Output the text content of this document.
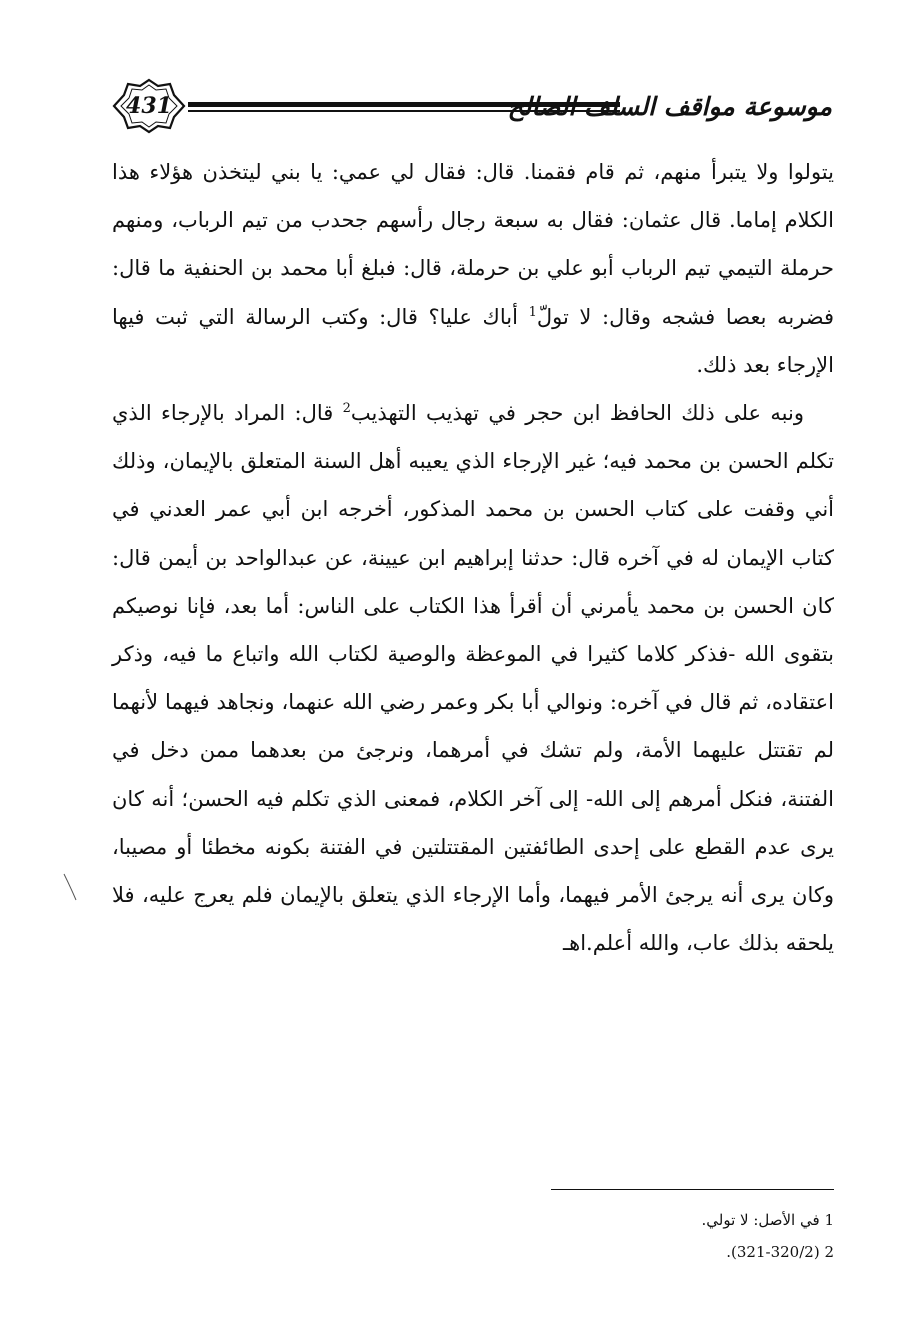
431	موسوعة مواقف السلف الصالح

يتولوا ولا يتبرأ منهم، ثم قام فقمنا. قال: فقال لي عمي: يا بني ليتخذن هؤلاء هذا الكلام إماما. قال عثمان: فقال به سبعة رجال رأسهم جحدب من تيم الرباب، ومنهم حرملة التيمي تيم الرباب أبو علي بن حرملة، قال: فبلغ أبا محمد بن الحنفية ما قال: فضربه بعصا فشجه وقال: لا تولّ$^1$ أباك عليا؟ قال: وكتب الرسالة التي ثبت فيها الإرجاء بعد ذلك.

ونبه على ذلك الحافظ ابن حجر في تهذيب التهذيب$^2$ قال: المراد بالإرجاء الذي تكلم الحسن بن محمد فيه؛ غير الإرجاء الذي يعيبه أهل السنة المتعلق بالإيمان، وذلك أني وقفت على كتاب الحسن بن محمد المذكور، أخرجه ابن أبي عمر العدني في كتاب الإيمان له في آخره قال: حدثنا إبراهيم ابن عيينة، عن عبدالواحد بن أيمن قال: كان الحسن بن محمد يأمرني أن أقرأ هذا الكتاب على الناس: أما بعد، فإنا نوصيكم بتقوى الله -فذكر كلاما كثيرا في الموعظة والوصية لكتاب الله واتباع ما فيه، وذكر اعتقاده، ثم قال في آخره: ونوالي أبا بكر وعمر رضي الله عنهما، ونجاهد فيهما لأنهما لم تقتتل عليهما الأمة، ولم تشك في أمرهما، ونرجئ من بعدهما ممن دخل في الفتنة، فنكل أمرهم إلى الله- إلى آخر الكلام، فمعنى الذي تكلم فيه الحسن؛ أنه كان يرى عدم القطع على إحدى الطائفتين المقتتلتين في الفتنة بكونه مخطئا أو مصيبا، وكان يرى أنه يرجئ الأمر فيهما، وأما الإرجاء الذي يتعلق بالإيمان فلم يعرج عليه، فلا يلحقه بذلك عاب، والله أعلم.اهـ

1 في الأصل: لا تولي.
2 (321-320/2).
